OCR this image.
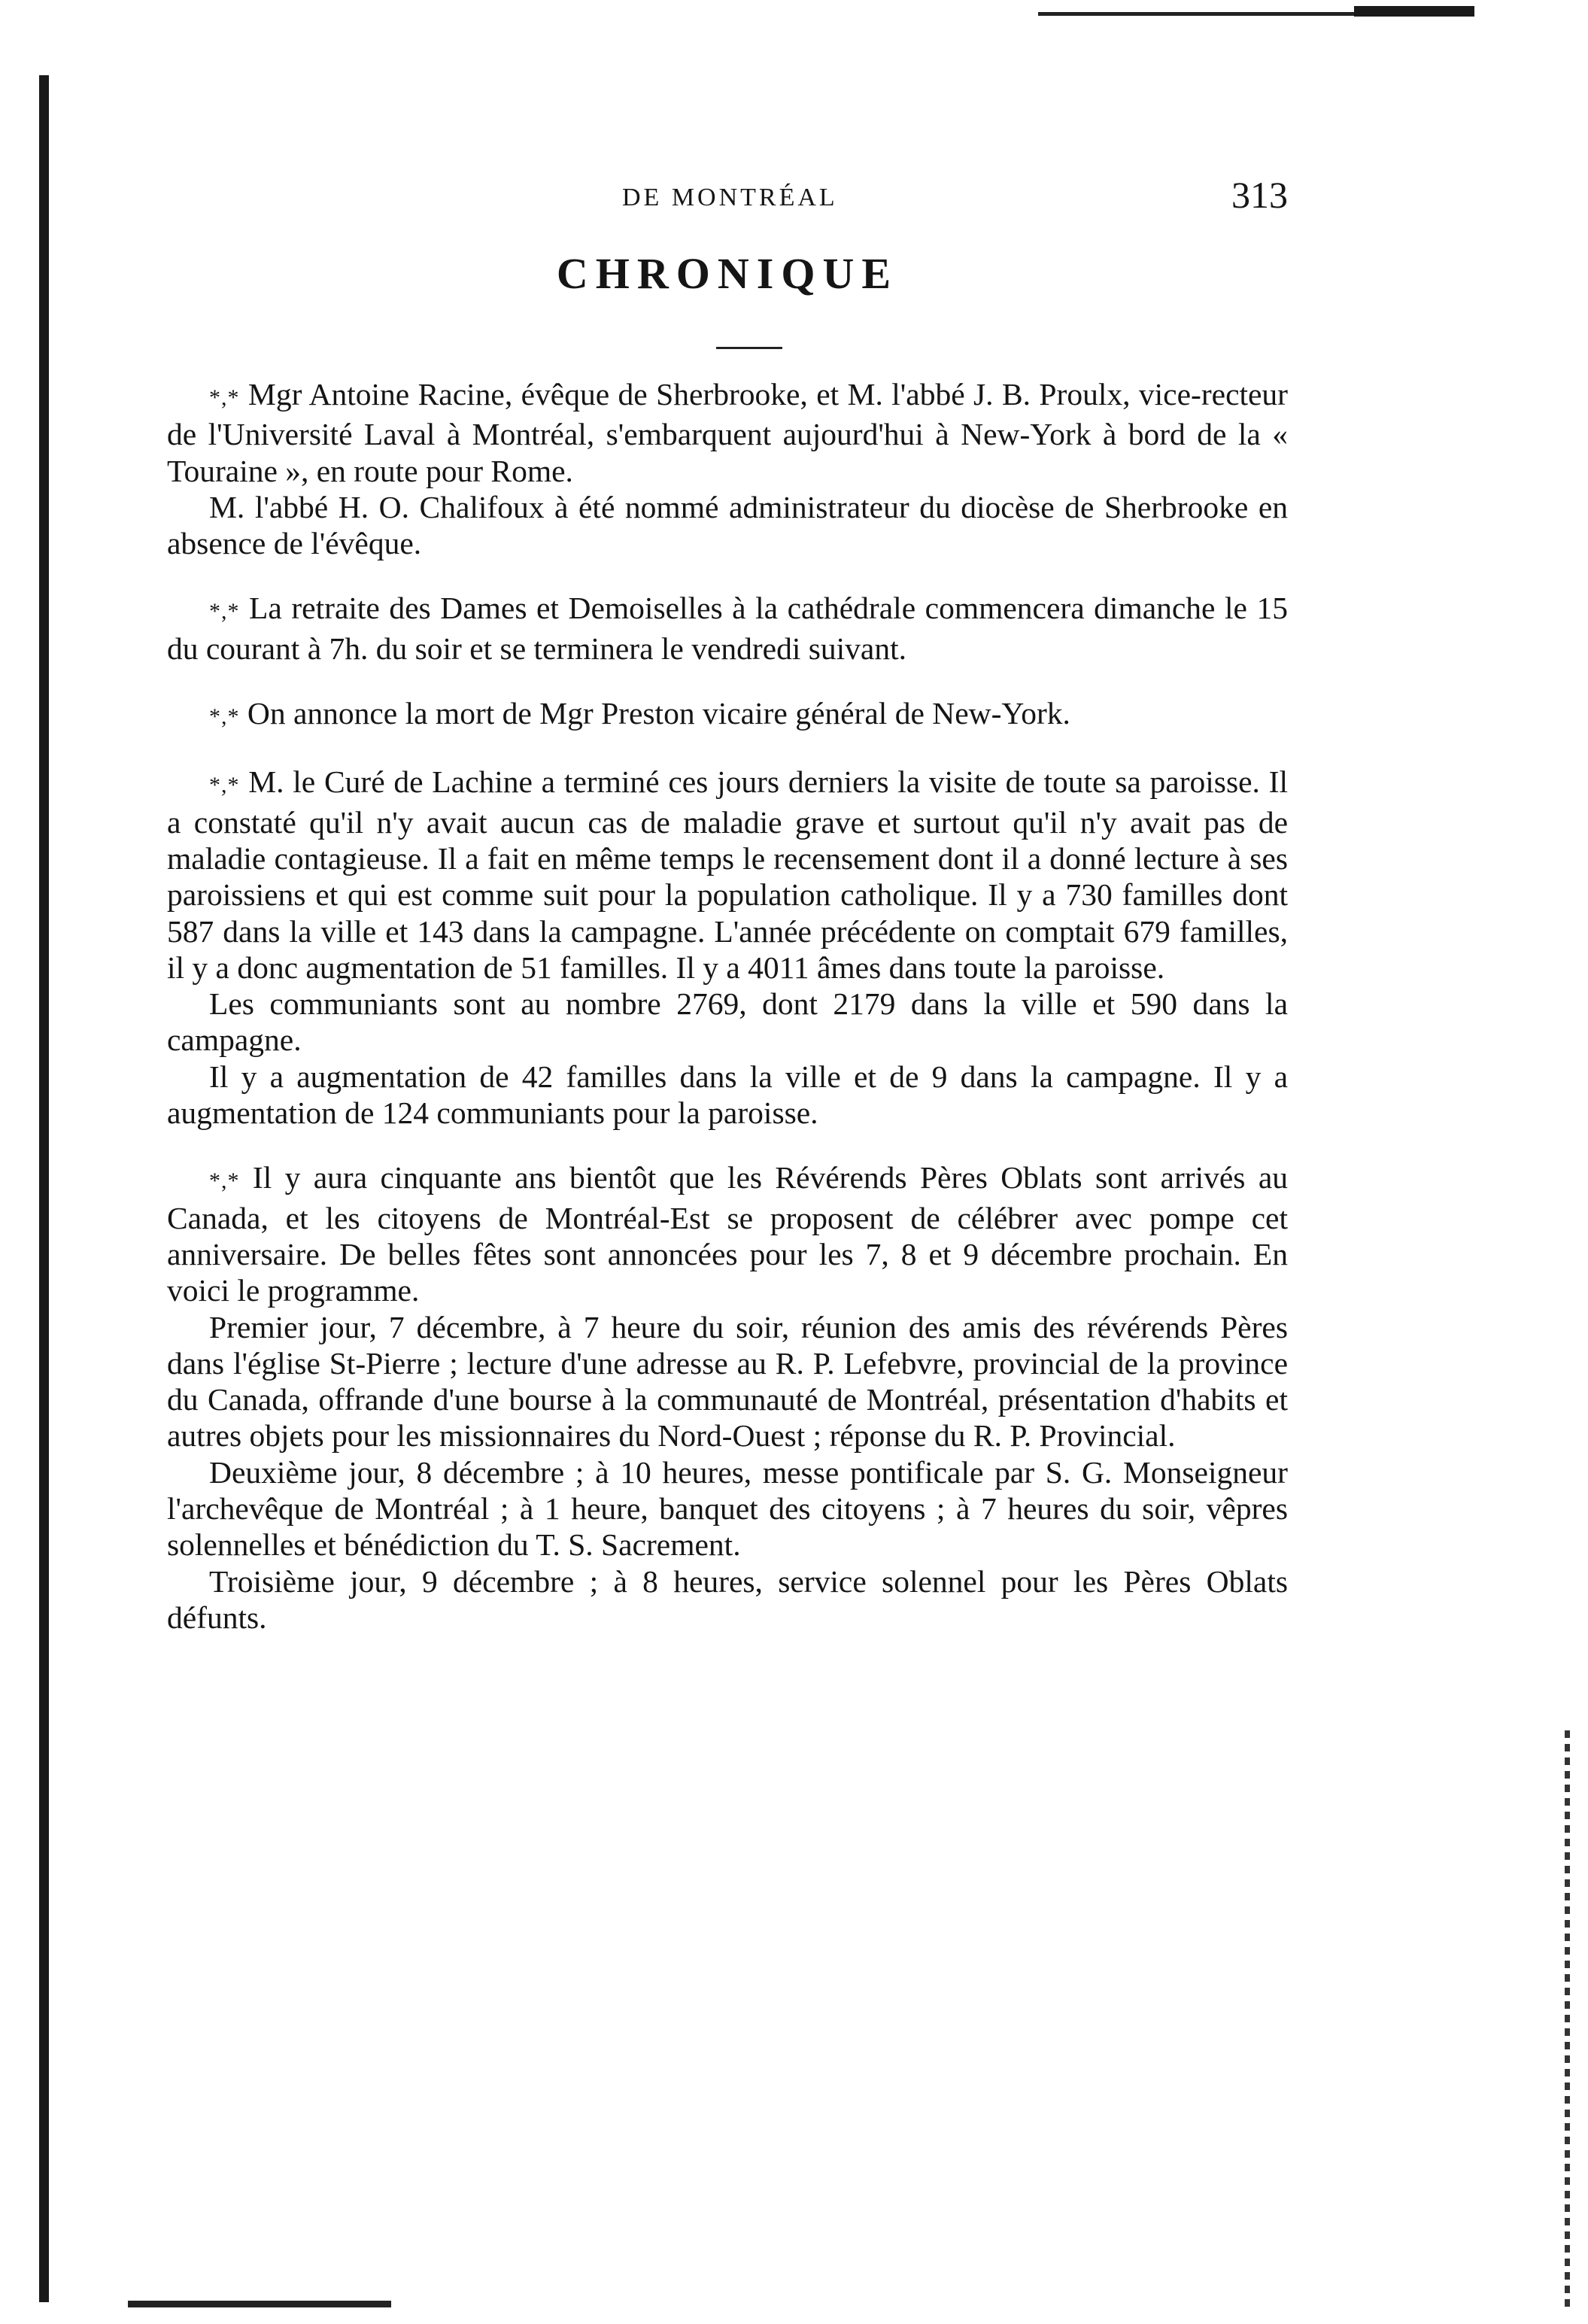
DE MONTRÉAL	313
CHRONIQUE

*,* Mgr Antoine Racine, évêque de Sherbrooke, et M. l'abbé J. B. Proulx, vice-recteur de l'Université Laval à Montréal, s'embarquent aujourd'hui à New-York à bord de la « Touraine », en route pour Rome.

M. l'abbé H. O. Chalifoux à été nommé administrateur du diocèse de Sherbrooke en absence de l'évêque.

*,* La retraite des Dames et Demoiselles à la cathédrale commencera dimanche le 15 du courant à 7h. du soir et se terminera le vendredi suivant.

*,* On annonce la mort de Mgr Preston vicaire général de New-York.

*,* M. le Curé de Lachine a terminé ces jours derniers la visite de toute sa paroisse. Il a constaté qu'il n'y avait aucun cas de maladie grave et surtout qu'il n'y avait pas de maladie contagieuse. Il a fait en même temps le recensement dont il a donné lecture à ses paroissiens et qui est comme suit pour la population catholique. Il y a 730 familles dont 587 dans la ville et 143 dans la campagne. L'année précédente on comptait 679 familles, il y a donc augmentation de 51 familles. Il y a 4011 âmes dans toute la paroisse.

Les communiants sont au nombre 2769, dont 2179 dans la ville et 590 dans la campagne.

Il y a augmentation de 42 familles dans la ville et de 9 dans la campagne. Il y a augmentation de 124 communiants pour la paroisse.

*,* Il y aura cinquante ans bientôt que les Révérends Pères Oblats sont arrivés au Canada, et les citoyens de Montréal-Est se proposent de célébrer avec pompe cet anniversaire. De belles fêtes sont annoncées pour les 7, 8 et 9 décembre prochain. En voici le programme.

Premier jour, 7 décembre, à 7 heure du soir, réunion des amis des révérends Pères dans l'église St-Pierre ; lecture d'une adresse au R. P. Lefebvre, provincial de la province du Canada, offrande d'une bourse à la communauté de Montréal, présentation d'habits et autres objets pour les missionnaires du Nord-Ouest ; réponse du R. P. Provincial.

Deuxième jour, 8 décembre ; à 10 heures, messe pontificale par S. G. Monseigneur l'archevêque de Montréal ; à 1 heure, banquet des citoyens ; à 7 heures du soir, vêpres solennelles et bénédiction du T. S. Sacrement.

Troisième jour, 9 décembre ; à 8 heures, service solennel pour les Pères Oblats défunts.
